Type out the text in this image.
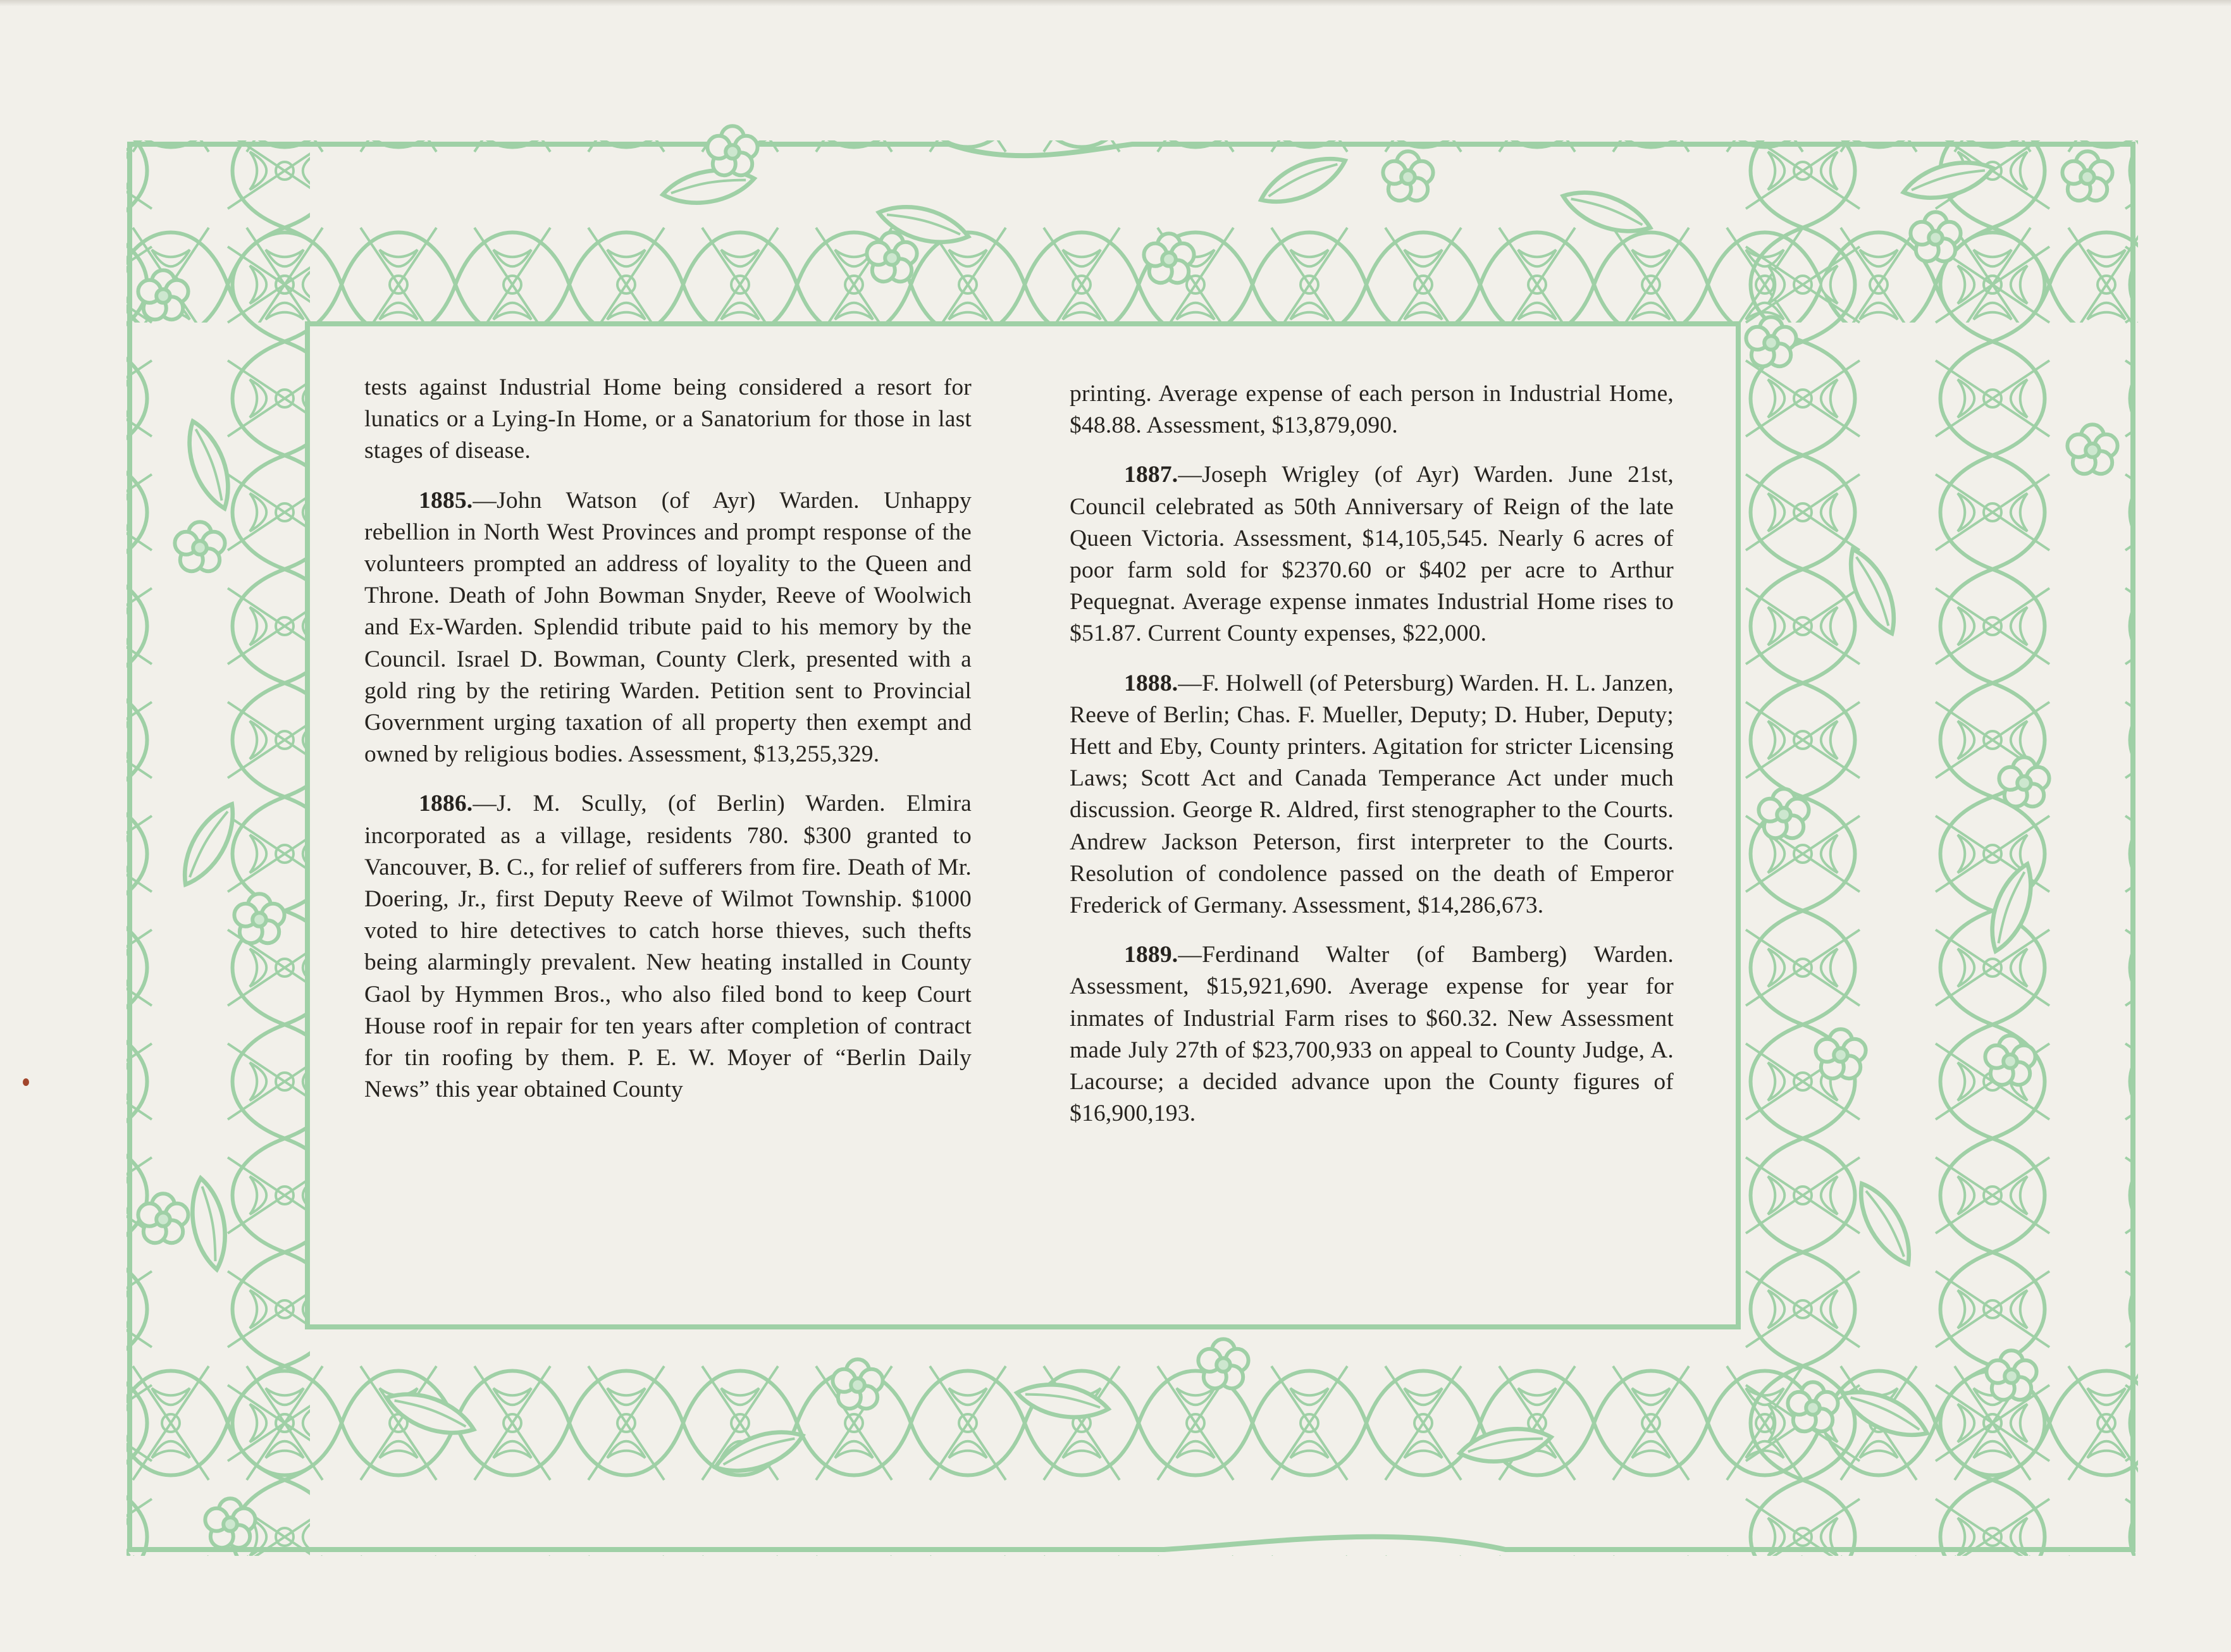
tests against Industrial Home being considered a resort for lunatics or a Lying-In Home, or a Sanatorium for those in last stages of disease.

1885.—John Watson (of Ayr) Warden. Unhappy rebellion in North West Provinces and prompt response of the volunteers prompted an address of loyality to the Queen and Throne. Death of John Bowman Snyder, Reeve of Woolwich and Ex-Warden. Splendid tribute paid to his memory by the Council. Israel D. Bowman, County Clerk, presented with a gold ring by the retiring Warden. Petition sent to Provincial Government urging taxation of all property then exempt and owned by religious bodies. Assessment, $13,255,329.

1886.—J. M. Scully, (of Berlin) Warden. Elmira incorporated as a village, residents 780. $300 granted to Vancouver, B. C., for relief of sufferers from fire. Death of Mr. Doering, Jr., first Deputy Reeve of Wilmot Township. $1000 voted to hire detectives to catch horse thieves, such thefts being alarmingly prevalent. New heating installed in County Gaol by Hymmen Bros., who also filed bond to keep Court House roof in repair for ten years after completion of contract for tin roofing by them. P. E. W. Moyer of “Berlin Daily News” this year obtained County

printing. Average expense of each person in Industrial Home, $48.88. Assessment, $13,879,090.

1887.—Joseph Wrigley (of Ayr) Warden. June 21st, Council celebrated as 50th Anniversary of Reign of the late Queen Victoria. Assessment, $14,105,545. Nearly 6 acres of poor farm sold for $2370.60 or $402 per acre to Arthur Pequegnat. Average expense inmates Industrial Home rises to $51.87. Current County expenses, $22,000.

1888.—F. Holwell (of Petersburg) Warden. H. L. Janzen, Reeve of Berlin; Chas. F. Mueller, Deputy; D. Huber, Deputy; Hett and Eby, County printers. Agitation for stricter Licensing Laws; Scott Act and Canada Temperance Act under much discussion. George R. Aldred, first stenographer to the Courts. Andrew Jackson Peterson, first interpreter to the Courts. Resolution of condolence passed on the death of Emperor Frederick of Germany. Assessment, $14,286,673.

1889.—Ferdinand Walter (of Bamberg) Warden. Assessment, $15,921,690. Average expense for year for inmates of Industrial Farm rises to $60.32. New Assessment made July 27th of $23,700,933 on appeal to County Judge, A. Lacourse; a decided advance upon the County figures of $16,900,193.
